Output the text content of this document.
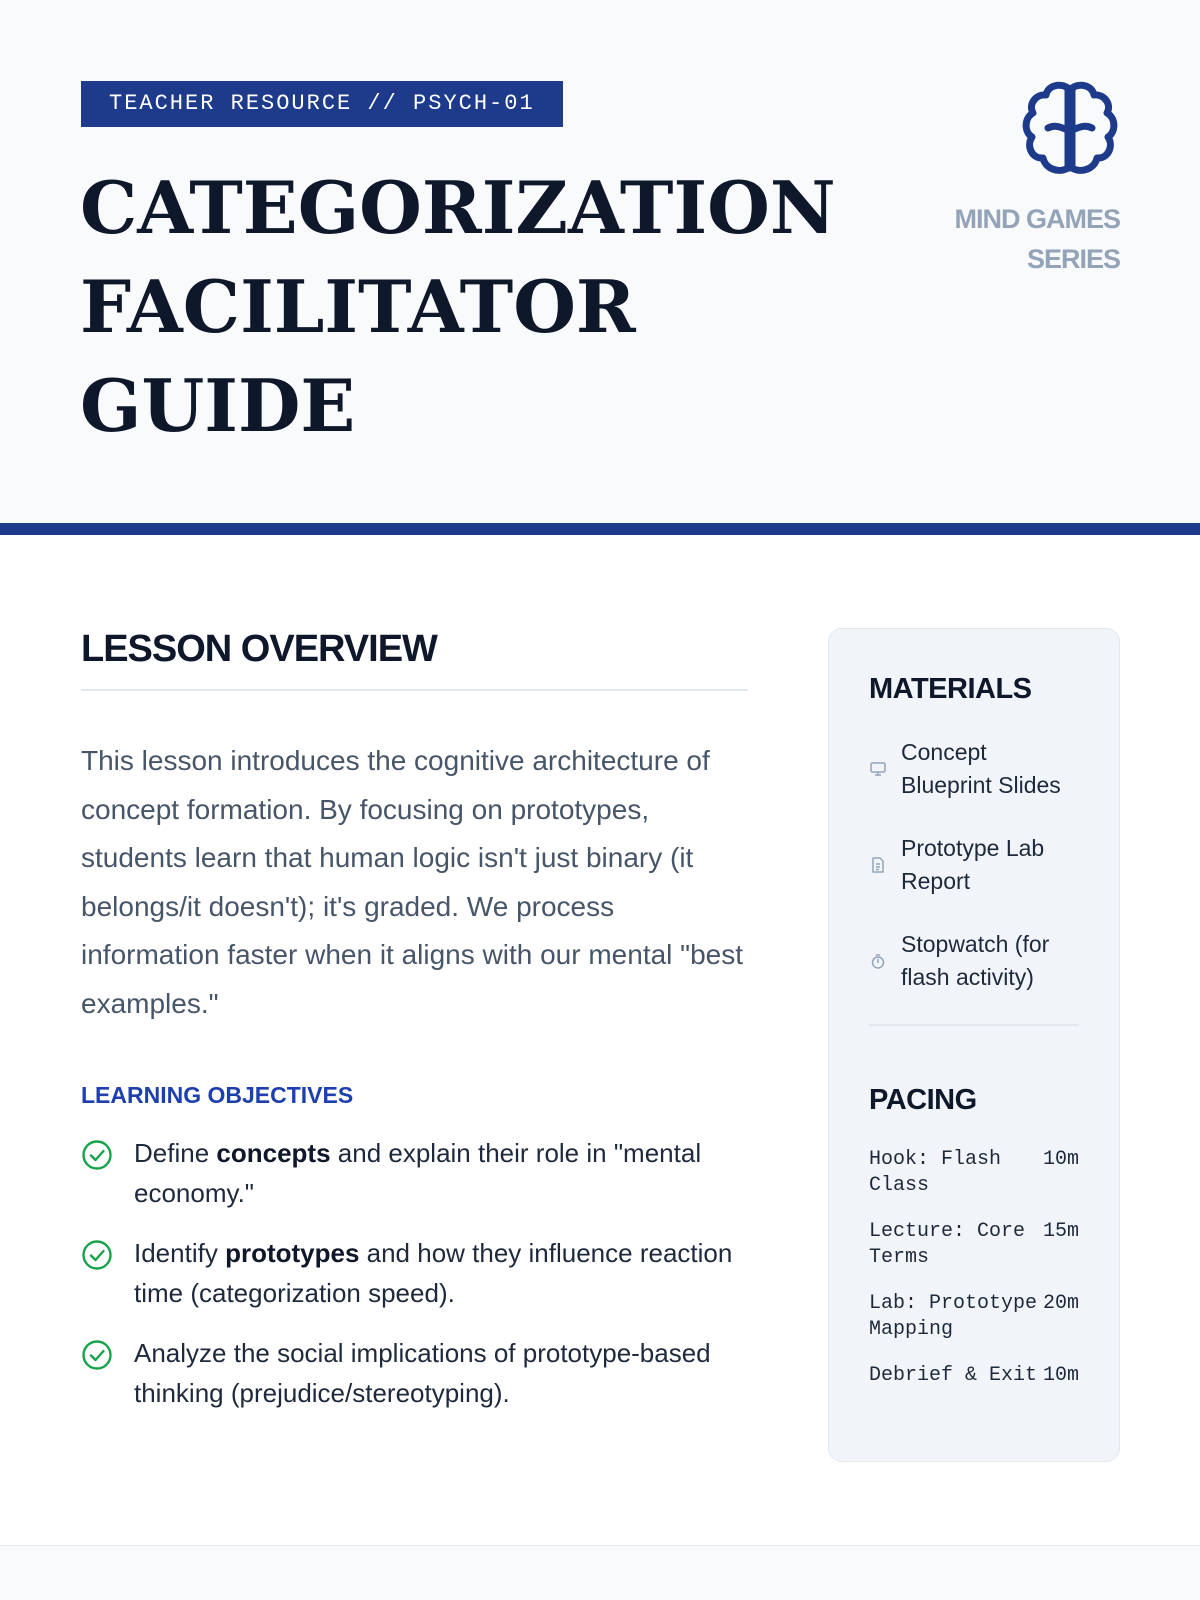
TEACHER RESOURCE // PSYCH-01
CATEGORIZATION
FACILITATOR
GUIDE
MIND GAMES
SERIES
LESSON OVERVIEW

This lesson introduces the cognitive architecture of concept formation. By focusing on prototypes, students learn that human logic isn't just binary (it belongs/it doesn't); it's graded. We process information faster when it aligns with our mental "best examples."

LEARNING OBJECTIVES
Define concepts and explain their role in "mental economy."
Identify prototypes and how they influence reaction time (categorization speed).
Analyze the social implications of prototype-based thinking (prejudice/stereotyping).
MATERIALS
Concept Blueprint Slides
Prototype Lab Report
Stopwatch (for flash activity)
PACING
Hook: Flash Class
10m
Lecture: Core Terms
15m
Lab: Prototype Mapping
20m
Debrief & Exit 10m
